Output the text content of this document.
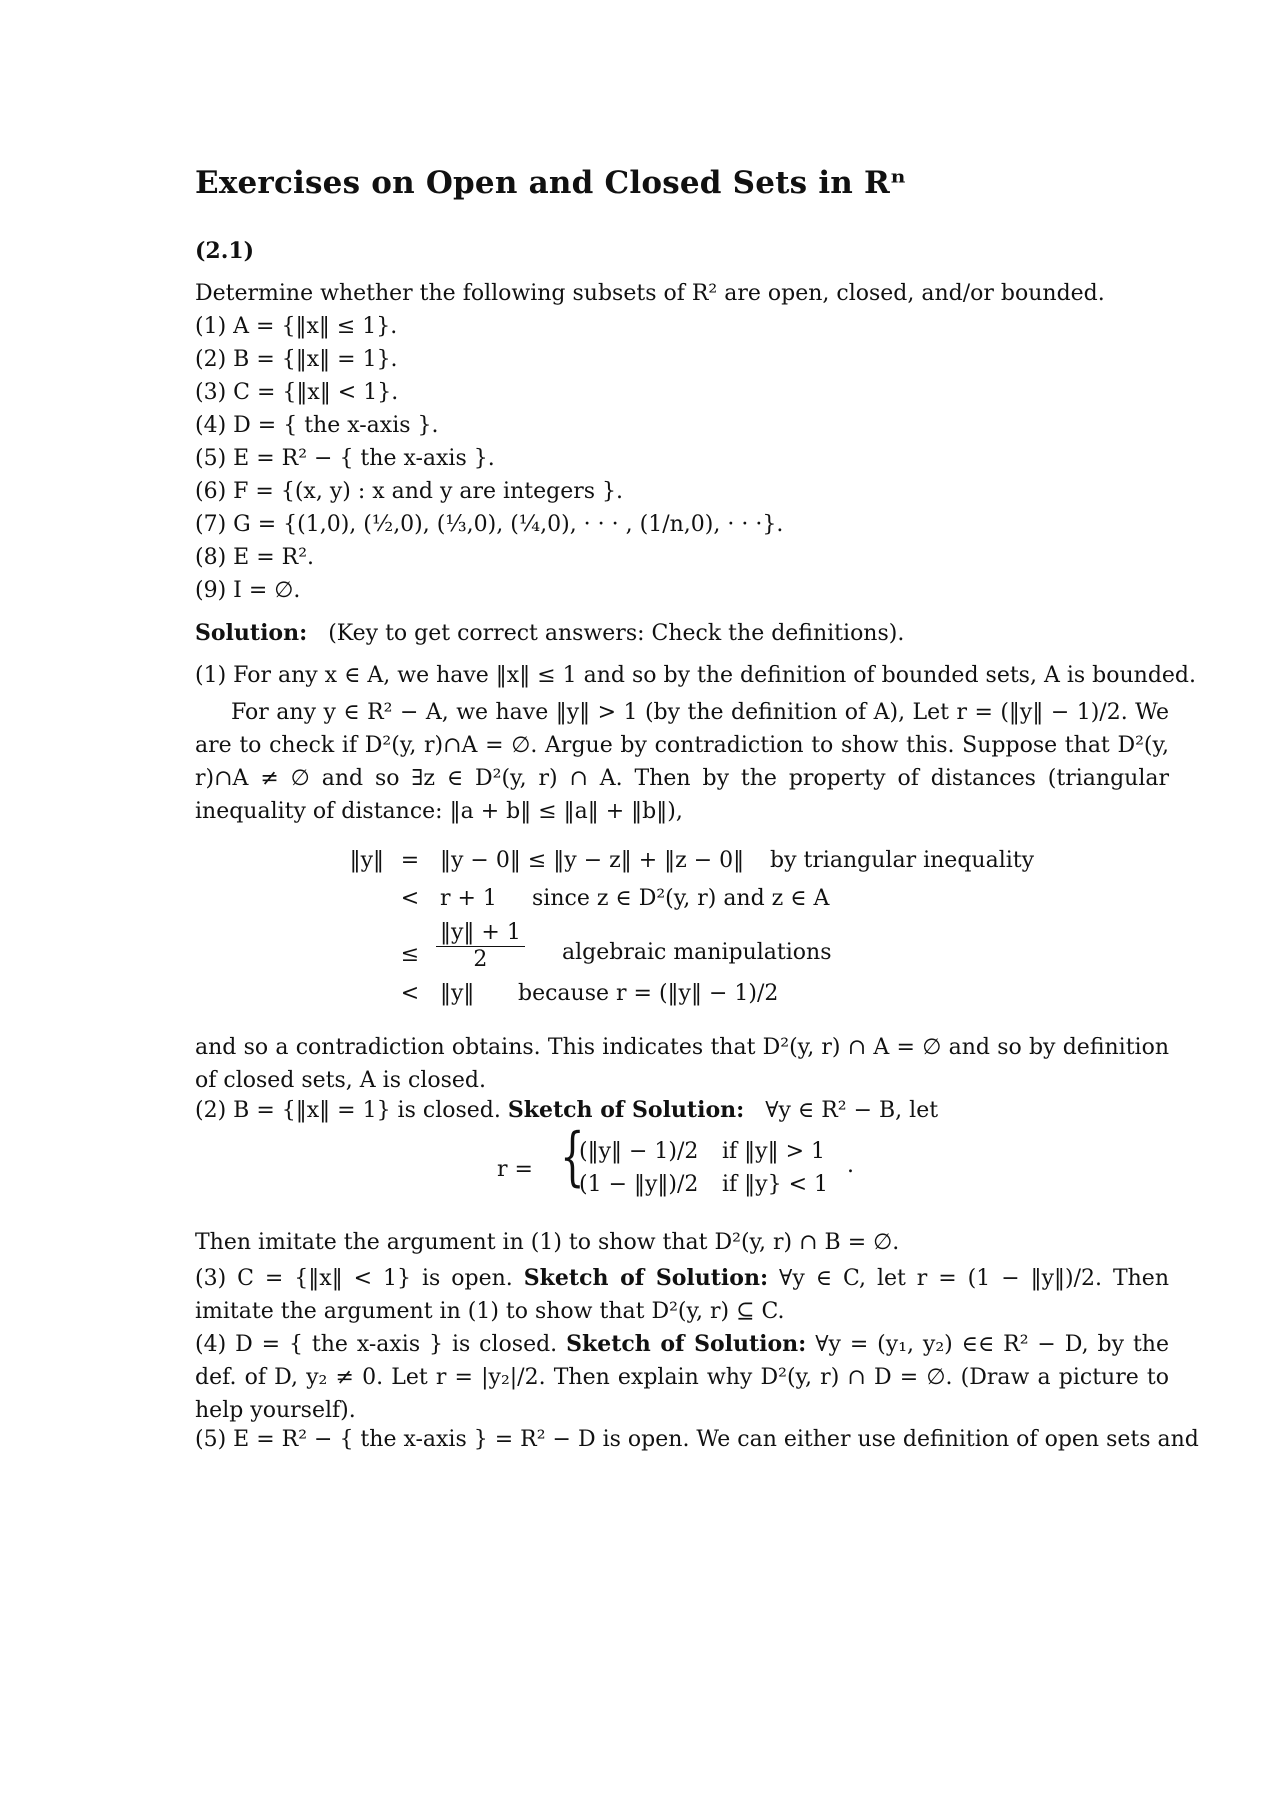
Exercises on Open and Closed Sets in Rⁿ
(2.1)
Determine whether the following subsets of R² are open, closed, and/or bounded.
(1) A = {‖x‖ ≤ 1}.
(2) B = {‖x‖ = 1}.
(3) C = {‖x‖ < 1}.
(4) D = { the x-axis }.
(5) E = R² − { the x-axis }.
(6) F = {(x, y) : x and y are integers }.
(7) G = {(1,0), (½,0), (⅓,0), (¼,0), · · · , (1/n,0), · · ·}.
(8) E = R².
(9) I = ∅.
Solution: (Key to get correct answers: Check the definitions).
(1) For any x ∈ A, we have ‖x‖ ≤ 1 and so by the definition of bounded sets, A is bounded.
For any y ∈ R² − A, we have ‖y‖ > 1 (by the definition of A), Let r = (‖y‖ − 1)/2. We are to check if D²(y, r)∩A = ∅. Argue by contradiction to show this. Suppose that D²(y, r)∩A ≠ ∅ and so ∃z ∈ D²(y, r) ∩ A. Then by the property of distances (triangular inequality of distance: ‖a + b‖ ≤ ‖a‖ + ‖b‖),
‖y‖ = ‖y − 0‖ ≤ ‖y − z‖ + ‖z − 0‖ by triangular inequality
< r + 1 since z ∈ D²(y, r) and z ∈ A
≤ $\frac{‖y‖ + 1}{2}$ algebraic manipulations
< ‖y‖ because r = (‖y‖ − 1)/2
and so a contradiction obtains. This indicates that D²(y, r) ∩ A = ∅ and so by definition of closed sets, A is closed.
(2) B = {‖x‖ = 1} is closed. Sketch of Solution: ∀y ∈ R² − B, let
r = {
(‖y‖ − 1)/2 if ‖y‖ > 1
(1 − ‖y‖)/2 if ‖y} < 1
.
Then imitate the argument in (1) to show that D²(y, r) ∩ B = ∅.
(3) C = {‖x‖ < 1} is open. Sketch of Solution: ∀y ∈ C, let r = (1 − ‖y‖)/2. Then imitate the argument in (1) to show that D²(y, r) ⊆ C.
(4) D = { the x-axis } is closed. Sketch of Solution: ∀y = (y₁, y₂) ∈∈ R² − D, by the def. of D, y₂ ≠ 0. Let r = |y₂|/2. Then explain why D²(y, r) ∩ D = ∅. (Draw a picture to help yourself).
(5) E = R² − { the x-axis } = R² − D is open. We can either use definition of open sets and
